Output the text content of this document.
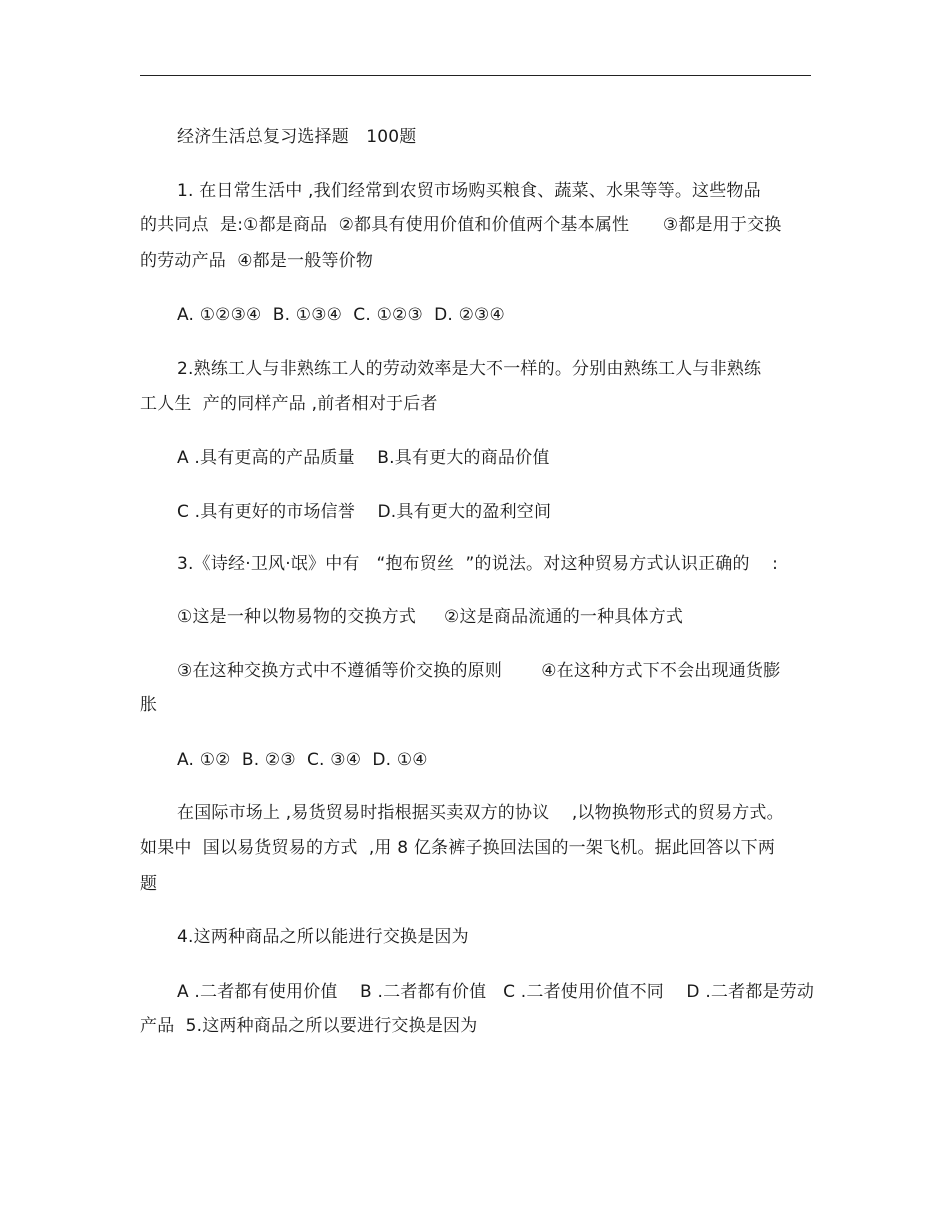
经济生活总复习选择题　100题
1. 在日常生活中 ,我们经常到农贸市场购买粮食、蔬菜、水果等等。这些物品
的共同点  是:①都是商品  ②都具有使用价值和价值两个基本属性      ③都是用于交换
的劳动产品  ④都是一般等价物
A. ①②③④  B. ①③④  C. ①②③  D. ②③④
2.熟练工人与非熟练工人的劳动效率是大不一样的。分别由熟练工人与非熟练
工人生  产的同样产品 ,前者相对于后者
A .具有更高的产品质量    B.具有更大的商品价值
C .具有更好的市场信誉    D.具有更大的盈利空间
3.《诗经·卫风·氓》中有   “抱布贸丝  ”的说法。对这种贸易方式认识正确的    :
①这是一种以物易物的交换方式     ②这是商品流通的一种具体方式
③在这种交换方式中不遵循等价交换的原则       ④在这种方式下不会出现通货膨
胀
A. ①②  B. ②③  C. ③④  D. ①④
在国际市场上 ,易货贸易时指根据买卖双方的协议    ,以物换物形式的贸易方式。
如果中  国以易货贸易的方式  ,用 8 亿条裤子换回法国的一架飞机。据此回答以下两
题
4.这两种商品之所以能进行交换是因为
A .二者都有使用价值    B .二者都有价值   C .二者使用价值不同    D .二者都是劳动
产品  5.这两种商品之所以要进行交换是因为
